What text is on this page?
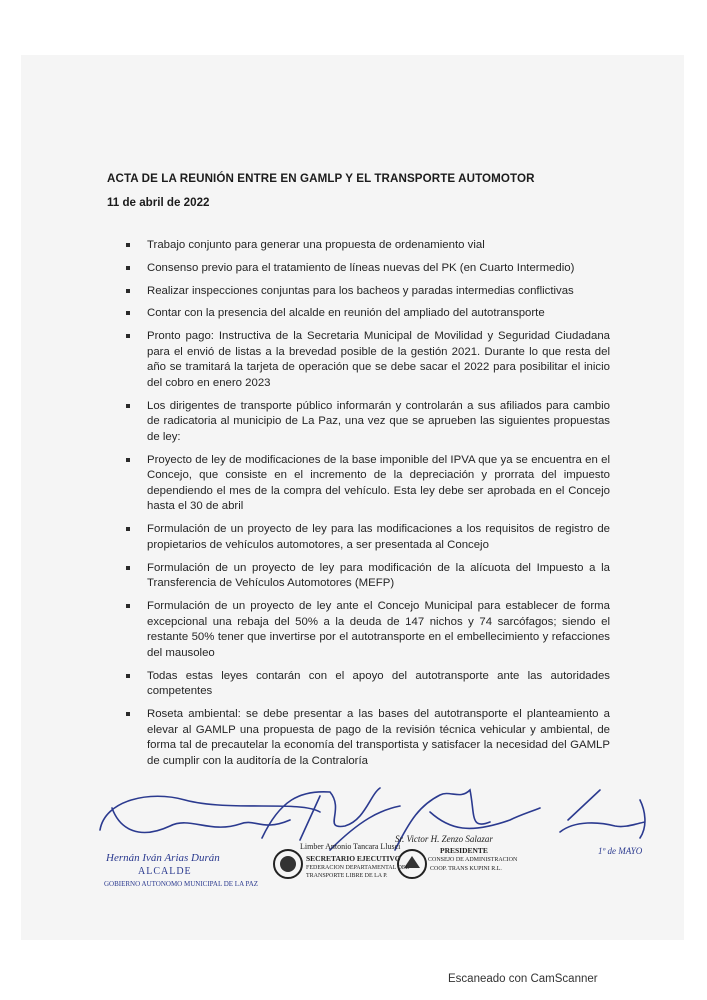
ACTA DE LA REUNIÓN ENTRE EN GAMLP Y EL TRANSPORTE AUTOMOTOR
11 de abril de 2022
Trabajo conjunto para generar una propuesta de ordenamiento vial
Consenso previo para el tratamiento de líneas nuevas del PK (en Cuarto Intermedio)
Realizar inspecciones conjuntas para los bacheos y paradas intermedias conflictivas
Contar con la presencia del alcalde en reunión del ampliado del autotransporte
Pronto pago: Instructiva de la Secretaria Municipal de Movilidad y Seguridad Ciudadana para el envió de listas a la brevedad posible de la gestión 2021. Durante lo que resta del año se tramitará la tarjeta de operación que se debe sacar el 2022 para posibilitar el inicio del cobro en enero 2023
Los dirigentes de transporte público informarán y controlarán a sus afiliados para cambio de radicatoria al municipio de La Paz, una vez que se aprueben las siguientes propuestas de ley:
Proyecto de ley de modificaciones de la base imponible del IPVA que ya se encuentra en el Concejo, que consiste en el incremento de la depreciación y prorrata del impuesto dependiendo el mes de la compra del vehículo. Esta ley debe ser aprobada en el Concejo hasta el 30 de abril
Formulación de un proyecto de ley para las modificaciones a los requisitos de registro de propietarios de vehículos automotores, a ser presentada al Concejo
Formulación de un proyecto de ley para modificación de la alícuota del Impuesto a la Transferencia de Vehículos Automotores (MEFP)
Formulación de un proyecto de ley ante el Concejo Municipal para establecer de forma excepcional una rebaja del 50% a la deuda de 147 nichos y 74 sarcófagos; siendo el restante 50% tener que invertirse por el autotransporte en el embellecimiento y refacciones del mausoleo
Todas estas leyes contarán con el apoyo del autotransporte ante las autoridades competentes
Roseta ambiental: se debe presentar a las bases del autotransporte el planteamiento a elevar al GAMLP una propuesta de pago de la revisión técnica vehicular y ambiental, de forma tal de precautelar la economía del transportista y satisfacer la necesidad del GAMLP de cumplir con la auditoría de la Contraloría
Hernán Iván Arias Durán
ALCALDE
GOBIERNO AUTONOMO MUNICIPAL DE LA PAZ
Limber Antonio Tancara Llusci
SECRETARIO EJECUTIVO
FEDERACION DEPARTAMENTAL DEL
TRANSPORTE LIBRE DE LA P.
Sr. Victor H. Zenzo Salazar
PRESIDENTE
CONSEJO DE ADMINISTRACION
COOP. TRANS KUPINI R.L.
1º de MAYO
Escaneado con CamScanner
